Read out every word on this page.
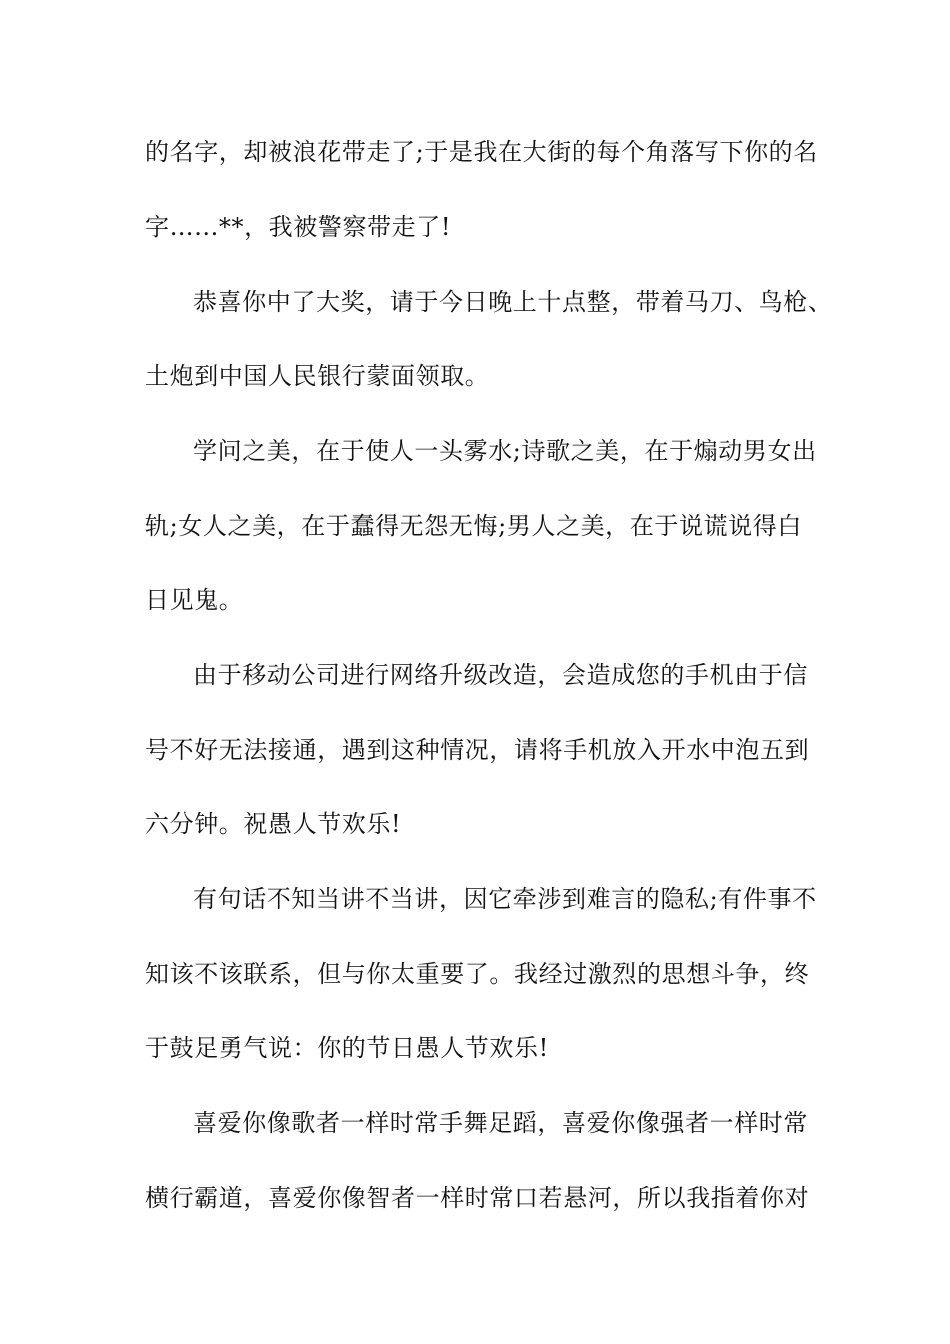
的名字，却被浪花带走了;于是我在大街的每个角落写下你的名
字…...**，我被警察带走了!
恭喜你中了大奖，请于今日晚上十点整，带着马刀、鸟枪、
土炮到中国人民银行蒙面领取。
学问之美，在于使人一头雾水;诗歌之美，在于煽动男女出
轨;女人之美，在于蠢得无怨无悔;男人之美，在于说谎说得白
日见鬼。
由于移动公司进行网络升级改造，会造成您的手机由于信
号不好无法接通，遇到这种情况，请将手机放入开水中泡五到
六分钟。祝愚人节欢乐!
有句话不知当讲不当讲，因它牵涉到难言的隐私;有件事不
知该不该联系，但与你太重要了。我经过激烈的思想斗争，终
于鼓足勇气说：你的节日愚人节欢乐!
喜爱你像歌者一样时常手舞足蹈，喜爱你像强者一样时常
横行霸道，喜爱你像智者一样时常口若悬河，所以我指着你对
